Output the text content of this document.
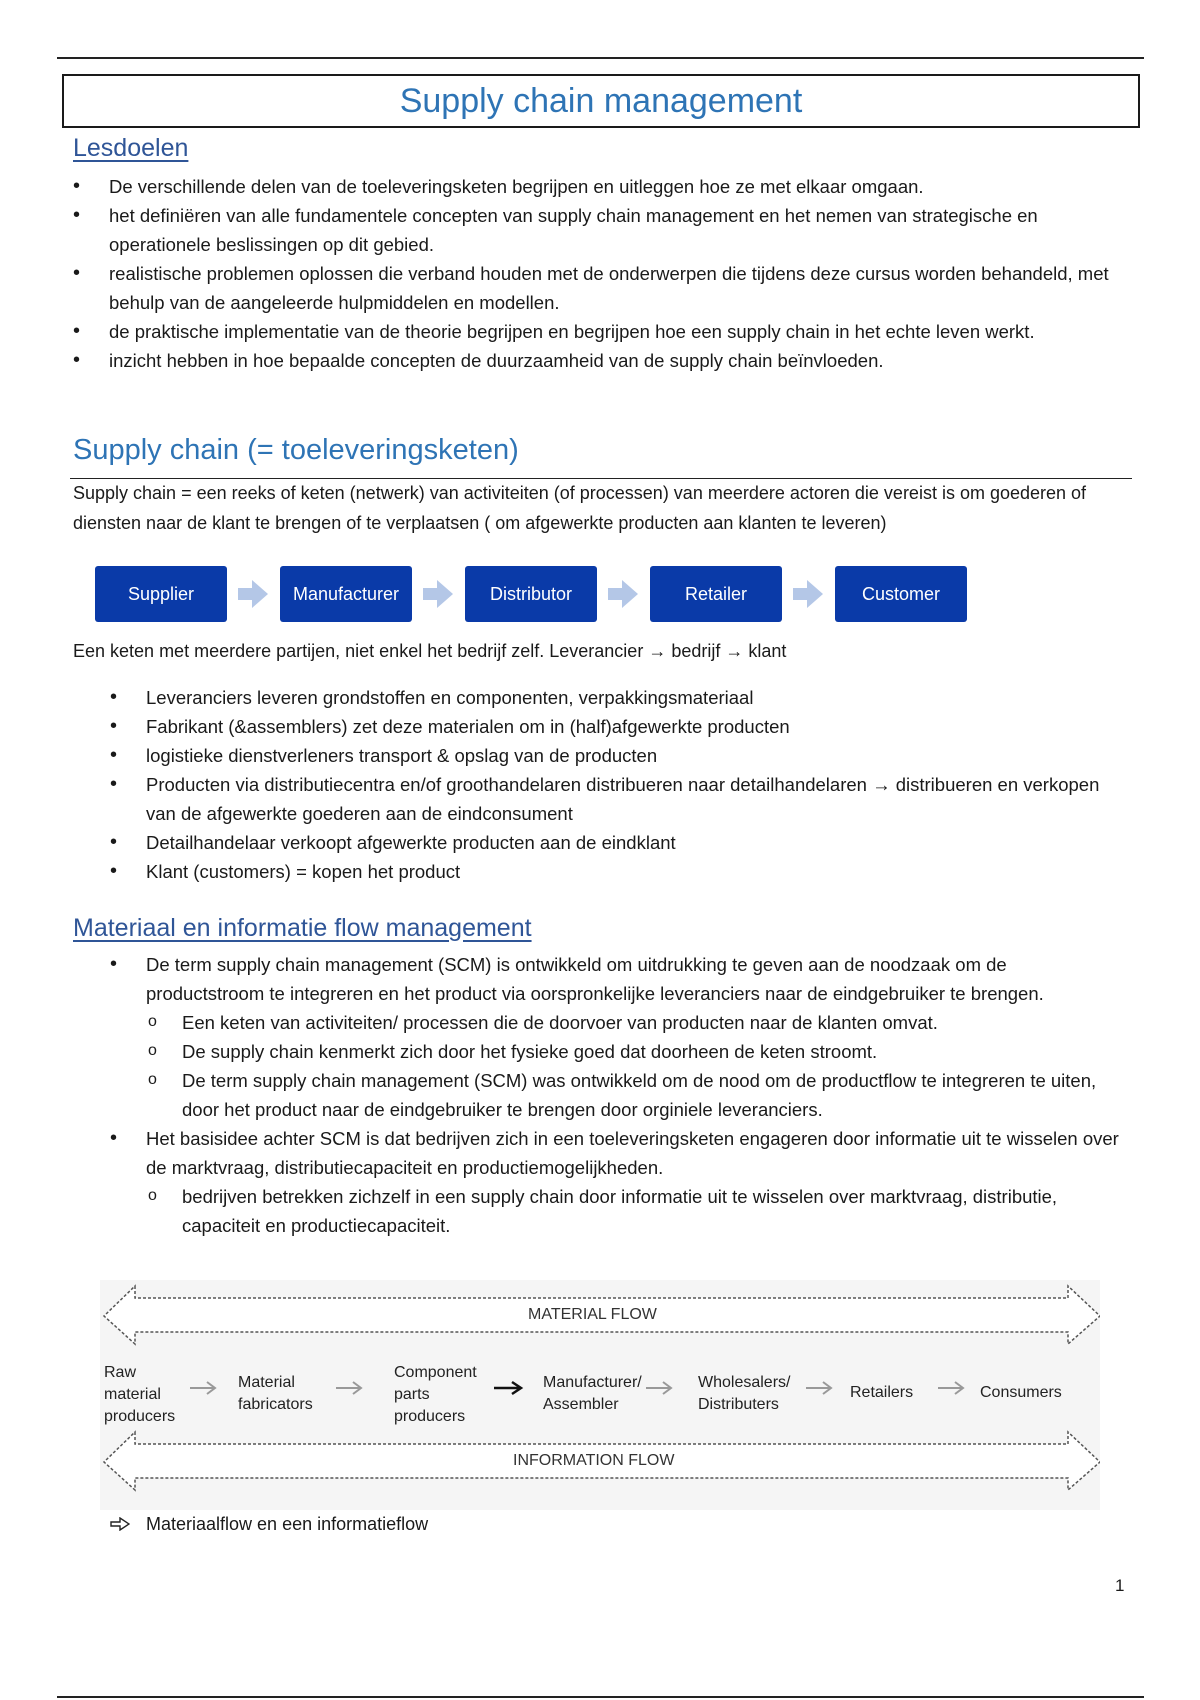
Supply chain management
Lesdoelen
• De verschillende delen van de toeleveringsketen begrijpen en uitleggen hoe ze met elkaar omgaan.
• het definiëren van alle fundamentele concepten van supply chain management en het nemen van strategische en operationele beslissingen op dit gebied.
• realistische problemen oplossen die verband houden met de onderwerpen die tijdens deze cursus worden behandeld, met behulp van de aangeleerde hulpmiddelen en modellen.
• de praktische implementatie van de theorie begrijpen en begrijpen hoe een supply chain in het echte leven werkt.
• inzicht hebben in hoe bepaalde concepten de duurzaamheid van de supply chain beïnvloeden.
Supply chain (= toeleveringsketen)
Supply chain = een reeks of keten (netwerk) van activiteiten (of processen) van meerdere actoren die vereist is om goederen of diensten naar de klant te brengen of te verplaatsen ( om afgewerkte producten aan klanten te leveren)
Supplier	Manufacturer	Distributor	Retailer	Customer
Een keten met meerdere partijen, niet enkel het bedrijf zelf. Leverancier → bedrijf → klant
• Leveranciers leveren grondstoffen en componenten, verpakkingsmateriaal
• Fabrikant (&assemblers) zet deze materialen om in (half)afgewerkte producten
• logistieke dienstverleners transport & opslag van de producten
• Producten via distributiecentra en/of groothandelaren distribueren naar detailhandelaren → distribueren en verkopen van de afgewerkte goederen aan de eindconsument
• Detailhandelaar verkoopt afgewerkte producten aan de eindklant
• Klant (customers) = kopen het product
Materiaal en informatie flow management
• De term supply chain management (SCM) is ontwikkeld om uitdrukking te geven aan de noodzaak om de productstroom te integreren en het product via oorspronkelijke leveranciers naar de eindgebruiker te brengen.
o Een keten van activiteiten/ processen die de doorvoer van producten naar de klanten omvat.
o De supply chain kenmerkt zich door het fysieke goed dat doorheen de keten stroomt.
o De term supply chain management (SCM) was ontwikkeld om de nood om de productflow te integreren te uiten, door het product naar de eindgebruiker te brengen door orginiele leveranciers.
• Het basisidee achter SCM is dat bedrijven zich in een toeleveringsketen engageren door informatie uit te wisselen over de marktvraag, distributiecapaciteit en productiemogelijkheden.
o bedrijven betrekken zichzelf in een supply chain door informatie uit te wisselen over marktvraag, distributie, capaciteit en productiecapaciteit.
MATERIAL FLOW
Raw
material
producers
Material
fabricators
Component
parts
producers
Manufacturer/
Assembler
Wholesalers/
Distributers
Retailers	Consumers
INFORMATION FLOW
Materiaalflow en een informatieflow
1
